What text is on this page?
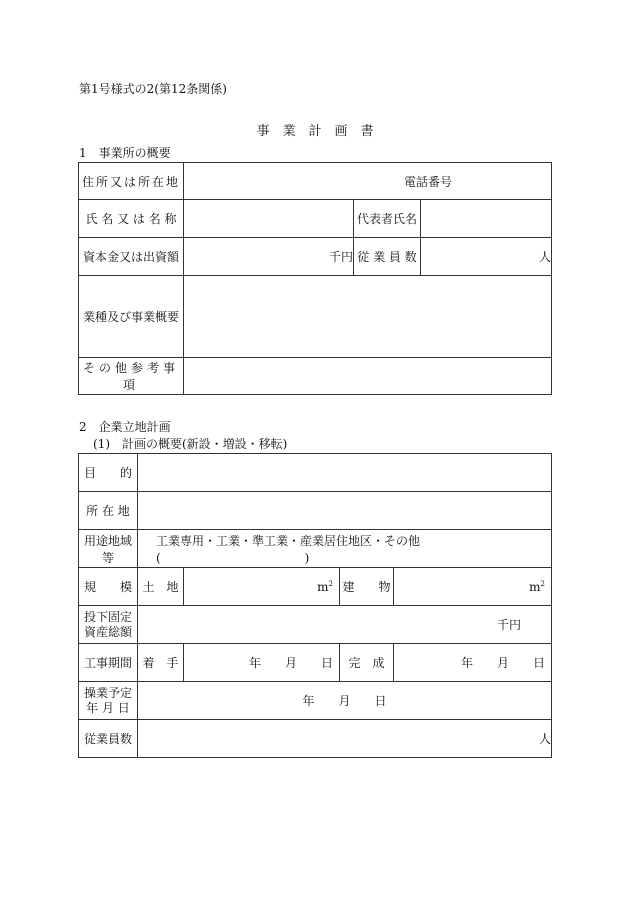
第1号様式の2(第12条関係)
事　業　計　画　書
1　事業所の概要
住所又は所在地	電話番号		
氏 名 又 は 名 称		代表者氏名	
資本金又は出資額	千円	従 業 員 数	人
業種及び事業概要			
その他参考事項			
2　企業立地計画
(1)　計画の概要(新設・増設・移転)
目　　的				
所 在 地				
用途地域等	工業専用・工業・準工業・産業居住地区・その他(　　　　　　　　　　　　)			
規　　模	土　地	$m^2$	建　　物	$m^2$

投下固定
資産総額	千円			
工事期間	着　手	年　　月　　日	完　成	年　　月　　日

操業予定
年 月 日	年　　月　　日			
従業員数	人			
